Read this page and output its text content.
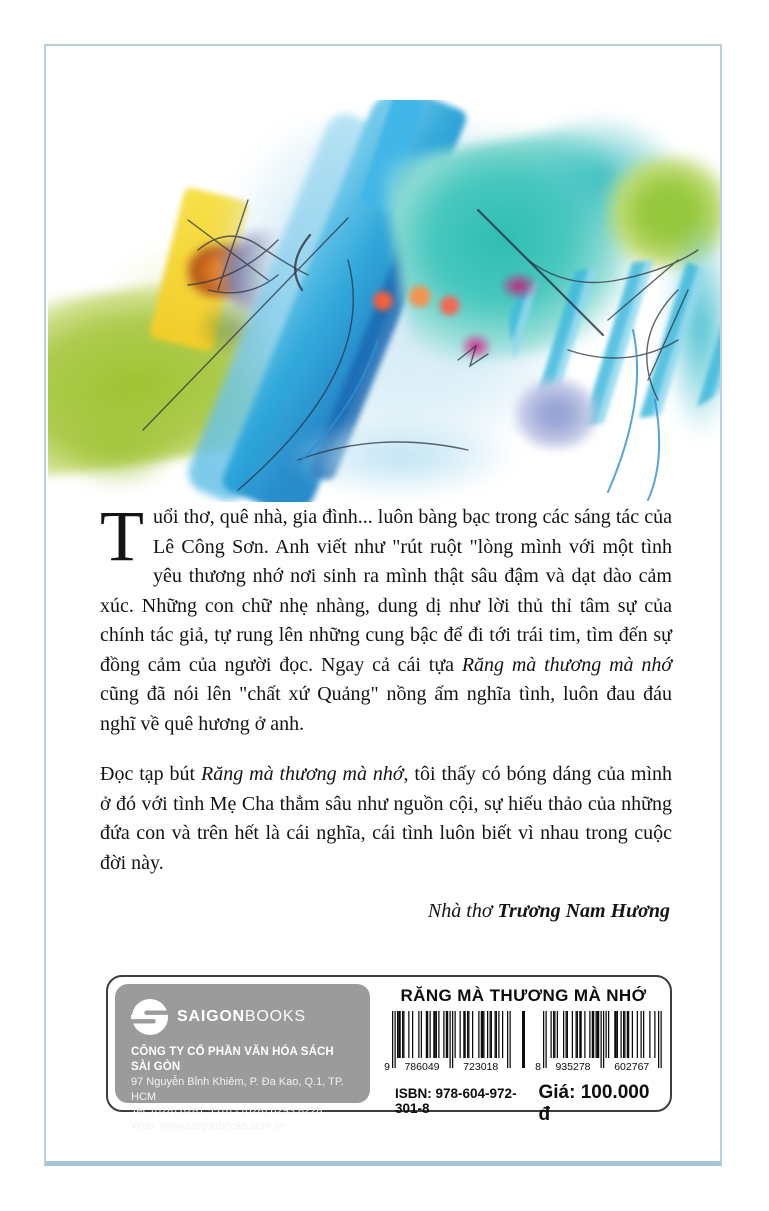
Tuổi thơ, quê nhà, gia đình... luôn bàng bạc trong các sáng tác của Lê Công Sơn. Anh viết như "rút ruột "lòng mình với một tình yêu thương nhớ nơi sinh ra mình thật sâu đậm và dạt dào cảm xúc. Những con chữ nhẹ nhàng, dung dị như lời thủ thỉ tâm sự của chính tác giả, tự rung lên những cung bậc để đi tới trái tim, tìm đến sự đồng cảm của người đọc. Ngay cả cái tựa Răng mà thương mà nhớ cũng đã nói lên "chất xứ Quảng" nồng ấm nghĩa tình, luôn đau đáu nghĩ về quê hương ở anh.

Đọc tạp bút Răng mà thương mà nhớ, tôi thấy có bóng dáng của mình ở đó với tình Mẹ Cha thẳm sâu như nguồn cội, sự hiếu thảo của những đứa con và trên hết là cái nghĩa, cái tình luôn biết vì nhau trong cuộc đời này.

Nhà thơ Trương Nam Hương
SAIGONBOOKS
CÔNG TY CỔ PHẦN VĂN HÓA SÁCH SÀI GÒN
97 Nguyễn Bỉnh Khiêm, P. Đa Kao, Q.1, TP. HCM
Tel: (028) 6281.5516 - (028) 6293.8228
Web: www.saigonbooks.com.vn
RĂNG MÀ THƯƠNG MÀ NHỚ
9 786049 723018	8 935278 602767
ISBN: 978-604-972-301-8
Giá: 100.000 đ
